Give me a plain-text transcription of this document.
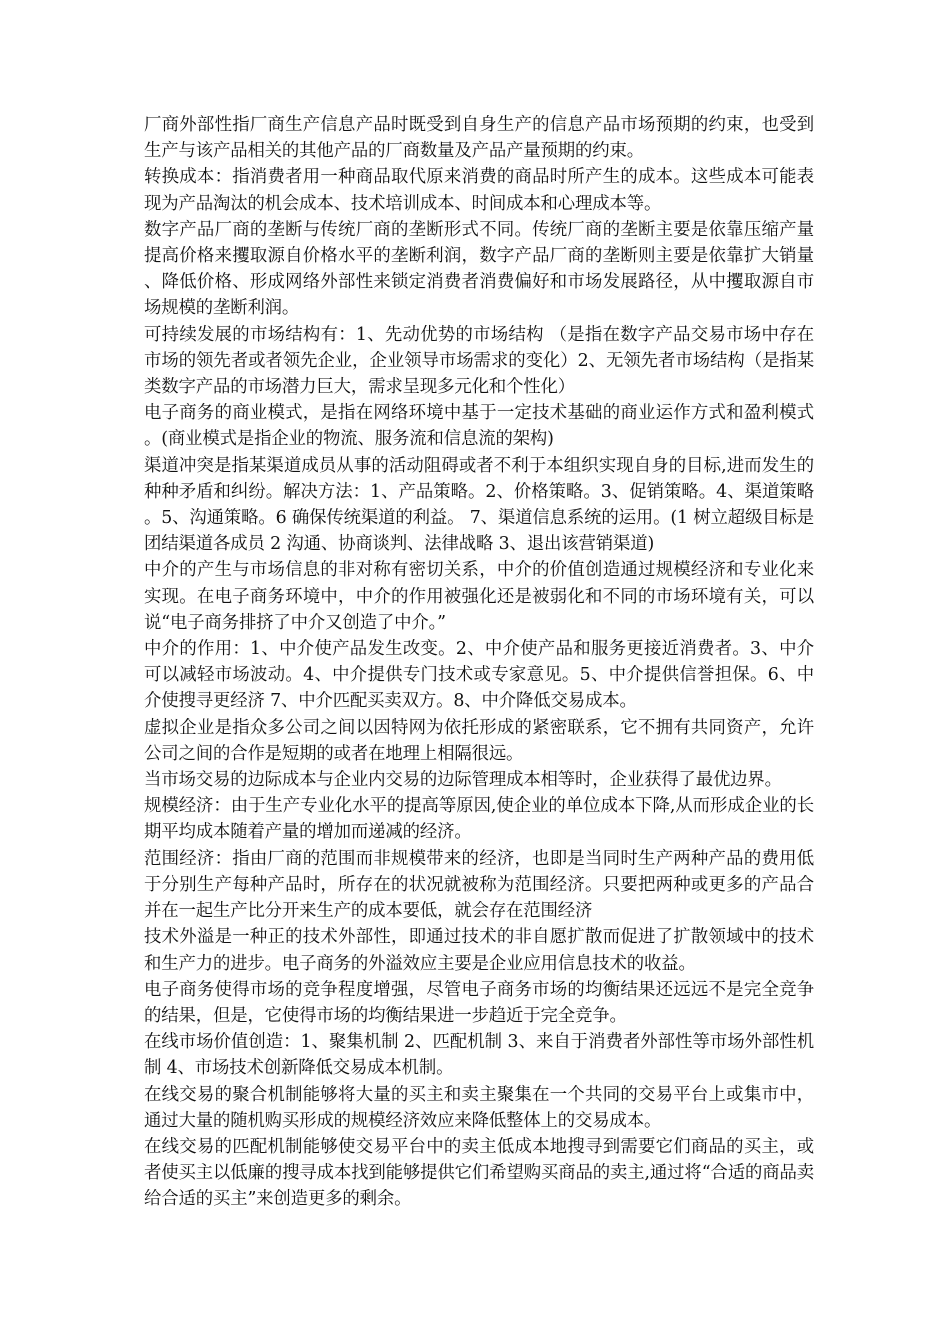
厂商外部性指厂商生产信息产品时既受到自身生产的信息产品市场预期的约束，也受到生产与该产品相关的其他产品的厂商数量及产品产量预期的约束。

转换成本：指消费者用一种商品取代原来消费的商品时所产生的成本。这些成本可能表现为产品淘汰的机会成本、技术培训成本、时间成本和心理成本等。

数字产品厂商的垄断与传统厂商的垄断形式不同。传统厂商的垄断主要是依靠压缩产量提高价格来攫取源自价格水平的垄断利润，数字产品厂商的垄断则主要是依靠扩大销量、降低价格、形成网络外部性来锁定消费者消费偏好和市场发展路径，从中攫取源自市场规模的垄断利润。

可持续发展的市场结构有：1、先动优势的市场结构 （是指在数字产品交易市场中存在市场的领先者或者领先企业，企业领导市场需求的变化）2、无领先者市场结构（是指某类数字产品的市场潜力巨大，需求呈现多元化和个性化）

电子商务的商业模式，是指在网络环境中基于一定技术基础的商业运作方式和盈利模式。(商业模式是指企业的物流、服务流和信息流的架构)

渠道冲突是指某渠道成员从事的活动阻碍或者不利于本组织实现自身的目标,进而发生的种种矛盾和纠纷。解决方法：1、产品策略。2、价格策略。3、促销策略。4、渠道策略。5、沟通策略。6 确保传统渠道的利益。 7、渠道信息系统的运用。(1 树立超级目标是团结渠道各成员 2 沟通、协商谈判、法律战略 3、退出该营销渠道)

中介的产生与市场信息的非对称有密切关系，中介的价值创造通过规模经济和专业化来实现。在电子商务环境中，中介的作用被强化还是被弱化和不同的市场环境有关，可以说“电子商务排挤了中介又创造了中介。”

中介的作用：1、中介使产品发生改变。2、中介使产品和服务更接近消费者。3、中介可以减轻市场波动。4、中介提供专门技术或专家意见。5、中介提供信誉担保。6、中介使搜寻更经济 7、中介匹配买卖双方。8、中介降低交易成本。

虚拟企业是指众多公司之间以因特网为依托形成的紧密联系，它不拥有共同资产，允许公司之间的合作是短期的或者在地理上相隔很远。

当市场交易的边际成本与企业内交易的边际管理成本相等时，企业获得了最优边界。

规模经济：由于生产专业化水平的提高等原因,使企业的单位成本下降,从而形成企业的长期平均成本随着产量的增加而递减的经济。

范围经济：指由厂商的范围而非规模带来的经济，也即是当同时生产两种产品的费用低于分别生产每种产品时，所存在的状况就被称为范围经济。只要把两种或更多的产品合并在一起生产比分开来生产的成本要低，就会存在范围经济

技术外溢是一种正的技术外部性，即通过技术的非自愿扩散而促进了扩散领域中的技术和生产力的进步。电子商务的外溢效应主要是企业应用信息技术的收益。

电子商务使得市场的竞争程度增强，尽管电子商务市场的均衡结果还远远不是完全竞争的结果，但是，它使得市场的均衡结果进一步趋近于完全竞争。

在线市场价值创造：1、聚集机制 2、匹配机制 3、来自于消费者外部性等市场外部性机制 4、市场技术创新降低交易成本机制。

在线交易的聚合机制能够将大量的买主和卖主聚集在一个共同的交易平台上或集市中，通过大量的随机购买形成的规模经济效应来降低整体上的交易成本。

在线交易的匹配机制能够使交易平台中的卖主低成本地搜寻到需要它们商品的买主，或者使买主以低廉的搜寻成本找到能够提供它们希望购买商品的卖主,通过将“合适的商品卖给合适的买主”来创造更多的剩余。
